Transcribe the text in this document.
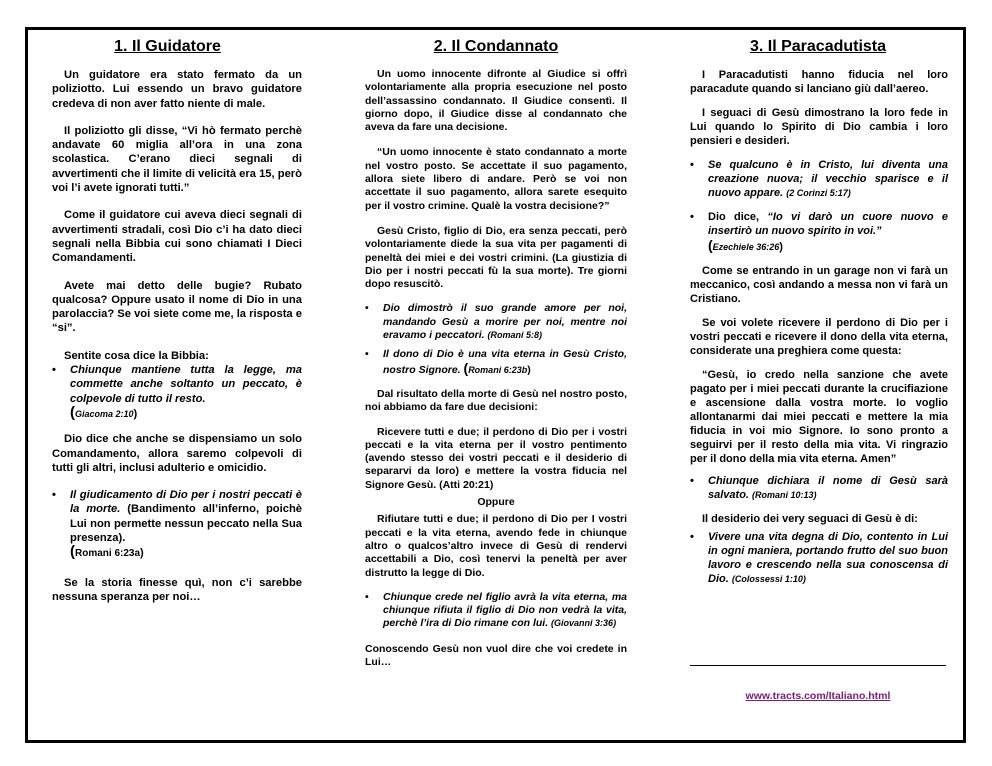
1. Il Guidatore

Un guidatore era stato fermato da un poliziotto. Lui essendo un bravo guidatore credeva di non aver fatto niente di male.

Il poliziotto gli disse, “Vi hò fermato perchè andavate 60 miglia all’ora in una zona scolastica. C’erano dieci segnali di avvertimenti che il limite di velicità era 15, però voi l’i avete ignorati tutti.”

Come il guidatore cui aveva dieci segnali di avvertimenti stradali, così Dio c’i ha dato dieci segnali nella Bibbia cui sono chiamati I Dieci Comandamenti.

Avete mai detto delle bugie? Rubato qualcosa? Oppure usato il nome di Dio in una parolaccia? Se voi siete come me, la risposta e “si”.

Sentite cosa dice la Bibbia:

•	Chiunque mantiene tutta la legge, ma commette anche soltanto un peccato, è colpevole di tutto il resto.
(Giacoma 2:10)

Dio dice che anche se dispensiamo un solo Comandamento, allora saremo colpevoli di tutti gli altri, inclusi adulterio e omicidio.

•	Il giudicamento di Dio per i nostri peccati è la morte. (Bandimento all’inferno, poichè Lui non permette nessun peccato nella Sua presenza).
(Romani 6:23a)

Se la storia finesse quì, non c’i sarebbe nessuna speranza per noi…

2. Il Condannato

Un uomo innocente difronte al Giudice si offrì volontariamente alla propria esecuzione nel posto dell’assassino condannato. Il Giudice consentì. Il giorno dopo, il Giudice disse al condannato che aveva da fare una decisione.

“Un uomo innocente è stato condannato a morte nel vostro posto. Se accettate il suo pagamento, allora siete libero di andare. Però se voi non accettate il suo pagamento, allora sarete esequito per il vostro crimine. Qualè la vostra decisione?”

Gesù Cristo, figlio di Dio, era senza peccati, però volontariamente diede la sua vita per pagamenti di peneltà dei miei e dei vostri crimini. (La giustizia di Dio per i nostri peccati fù la sua morte). Tre giorni dopo resuscitò.

•	Dio dimostrò il suo grande amore per noi, mandando Gesù a morire per noi, mentre noi eravamo i peccatori. (Romani 5:8)
•	Il dono di Dio è una vita eterna in Gesù Cristo, nostro Signore. (Romani 6:23b)

Dal risultato della morte di Gesù nel nostro posto, noi abbiamo da fare due decisioni:

Ricevere tutti e due; il perdono di Dio per i vostri peccati e la vita eterna per il vostro pentimento (avendo stesso dei vostri peccati e il desiderio di separarvi da loro) e mettere la vostra fiducia nel Signore Gesù. (Atti 20:21)

Oppure

Rifiutare tutti e due; il perdono di Dio per I vostri peccati e la vita eterna, avendo fede in chiunque altro o qualcos’altro invece di Gesù di rendervi accettabili a Dio, così tenervi la peneltà per aver distrutto la legge di Dio.

•	Chiunque crede nel figlio avrà la vita eterna, ma chiunque rifiuta il figlio di Dio non vedrà la vita, perchè l’ira di Dio rimane con lui. (Giovanni 3:36)

Conoscendo Gesù non vuol dire che voi credete in Lui…

3. Il Paracadutista

I Paracadutisti hanno fiducia nel loro paracadute quando si lanciano giù dall’aereo.

I seguaci di Gesù dimostrano la loro fede in Lui quando lo Spirito di Dio cambia i loro pensieri e desideri.

•	Se qualcuno è in Cristo, lui diventa una creazione nuova; il vecchio sparisce e il nuovo appare. (2 Corinzi 5:17)
•	Dio dice, “Io vi darò un cuore nuovo e insertirò un nuovo spirito in voi.”
(Ezechiele 36:26)

Come se entrando in un garage non vi farà un meccanico, così andando a messa non vi farà un Cristiano.

Se voi volete ricevere il perdono di Dio per i vostri peccati e ricevere il dono della vita eterna, considerate una preghiera come questa:

“Gesù, io credo nella sanzione che avete pagato per i miei peccati durante la crucifiazione e ascensione dalla vostra morte. Io voglio allontanarmi dai miei peccati e mettere la mia fiducia in voi mio Signore. Io sono pronto a seguirvi per il resto della mia vita. Vi ringrazio per il dono della mia vita eterna. Amen”

•	Chiunque dichiara il nome di Gesù sarà salvato. (Romani 10:13)

Il desiderio dei very seguaci di Gesù è di:

•	Vivere una vita degna di Dio, contento in Lui in ogni maniera, portando frutto del suo buon lavoro e crescendo nella sua conoscensa di Dio. (Colossessi 1:10)
www.tracts.com/Italiano.html
